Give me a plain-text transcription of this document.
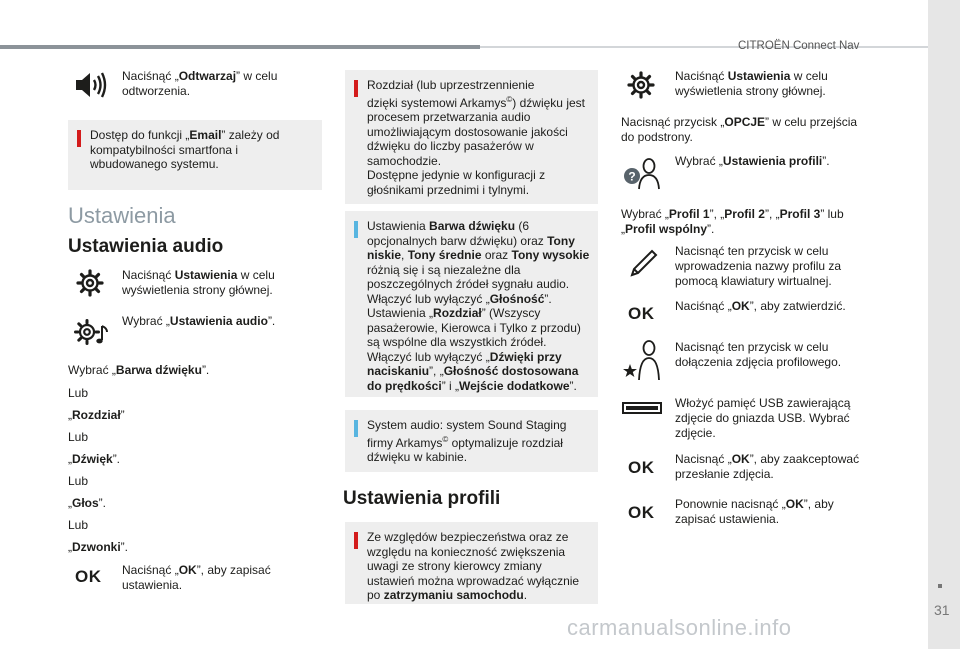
CITROËN Connect Nav
31
Naciśnąć „Odtwarzaj” w celu odtworzenia.
Dostęp do funkcji „Email” zależy od kompatybilności smartfona i wbudowanego systemu.
Ustawienia
Ustawienia audio
Naciśnąć Ustawienia w celu wyświetlenia strony głównej.
Wybrać „Ustawienia audio”.
Wybrać „Barwa dźwięku”.
Lub
„Rozdział”
Lub
„Dźwięk”.
Lub
„Głos”.
Lub
„Dzwonki”.
OK Naciśnąć „OK”, aby zapisać ustawienia.
Rozdział (lub uprzestrzennienie
dzięki systemowi Arkamys©) dźwięku jest procesem przetwarzania audio umożliwiającym dostosowanie jakości dźwięku do liczby pasażerów w samochodzie.
Dostępne jedynie w konfiguracji z głośnikami przednimi i tylnymi.
Ustawienia Barwa dźwięku (6 opcjonalnych barw dźwięku) oraz Tony niskie, Tony średnie oraz Tony wysokie różnią się i są niezależne dla poszczególnych źródeł sygnału audio.
Włączyć lub wyłączyć „Głośność”.
Ustawienia „Rozdział” (Wszyscy pasażerowie, Kierowca i Tylko z przodu) są wspólne dla wszystkich źródeł.
Włączyć lub wyłączyć „Dźwięki przy naciskaniu”, „Głośność dostosowana do prędkości” i „Wejście dodatkowe”.
System audio: system Sound Staging firmy Arkamys© optymalizuje rozdział dźwięku w kabinie.
Ustawienia profili
Ze względów bezpieczeństwa oraz ze względu na konieczność zwiększenia uwagi ze strony kierowcy zmiany ustawień można wprowadzać wyłącznie po zatrzymaniu samochodu.
Naciśnąć Ustawienia w celu wyświetlenia strony głównej.
Nacisnąć przycisk „OPCJE” w celu przejścia do podstrony.
?
Wybrać „Ustawienia profili”.
Wybrać „Profil 1”, „Profil 2”, „Profil 3” lub „Profil wspólny”.
Nacisnąć ten przycisk w celu wprowadzenia nazwy profilu za pomocą klawiatury wirtualnej.
OK Naciśnąć „OK”, aby zatwierdzić.
Nacisnąć ten przycisk w celu dołączenia zdjęcia profilowego.
Włożyć pamięć USB zawierającą zdjęcie do gniazda USB. Wybrać zdjęcie.
OK Nacisnąć „OK”, aby zaakceptować przesłanie zdjęcia.
OK Ponownie nacisnąć „OK”, aby zapisać ustawienia.
carmanualsonline.info
